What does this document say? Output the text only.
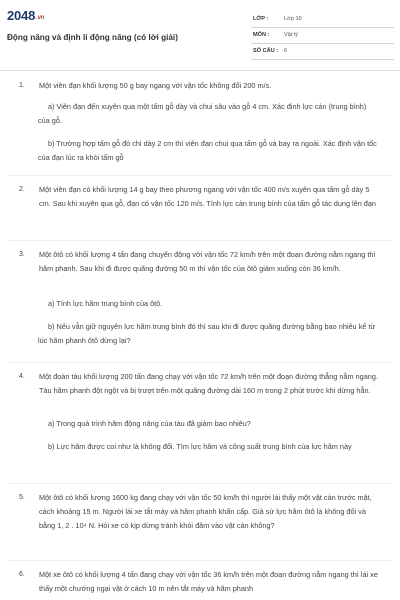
2048.vn
Động năng và định lí động năng (có lời giải)
LỚP :	Lớp 10
MÔN :	Vật lý
SỐ CÂU : 6
1. Một viên đạn khối lượng 50 g bay ngang với vận tốc không đổi 200 m/s.
a) Viên đạn đến xuyên qua một tấm gỗ dày và chui sâu vào gỗ 4 cm. Xác định lực cản (trung bình) của gỗ.
b) Trường hợp tấm gỗ đó chỉ dày 2 cm thì viên đạn chui qua tấm gỗ và bay ra ngoài. Xác định vận tốc của đạn lúc ra khỏi tấm gỗ
2. Một viên đạn có khối lượng 14 g bay theo phương ngang với vận tốc 400 m/s xuyên qua tấm gỗ dày 5 cm. Sau khi xuyên qua gỗ, đạn có vận tốc 120 m/s. Tính lực cản trung bình của tấm gỗ tác dụng lên đạn
3. Một ôtô có khối lượng 4 tấn đang chuyển động với vận tốc 72 km/h trên một đoạn đường nằm ngang thì hãm phanh. Sau khi đi được quãng đường 50 m thì vận tốc của ôtô giảm xuống còn 36 km/h.
a) Tính lực hãm trung bình của ôtô.
b) Nếu vẫn giữ nguyên lực hãm trung bình đó thì sau khi đi được quãng đường bằng bao nhiêu kể từ lúc hãm phanh ôtô dừng lại?
4. Một đoàn tàu khối lượng 200 tấn đang chạy với vận tốc 72 km/h trên một đoạn đường thẳng nằm ngang. Tàu hãm phanh đột ngột và bị trượt trên một quãng đường dài 160 m trong 2 phút trước khi dừng hẳn.
a) Trong quá trình hãm động năng của tàu đã giảm bao nhiêu?
b) Lực hãm được coi như là không đổi. Tìm lực hãm và công suất trung bình của lực hãm này
5. Một ôtô có khối lượng 1600 kg đang chạy với vận tốc 50 km/h thì người lái thấy một vật cản trước mặt, cách khoảng 15 m. Người lái xe tắt máy và hãm phanh khẩn cấp. Giả sử lực hãm ôtô là không đổi và bằng 1, 2 . 10⁴ N. Hỏi xe có kịp dừng tránh khỏi đâm vào vật cản không?
6. Một xe ôtô có khối lượng 4 tấn đang chạy với vận tốc 36 km/h trên một đoạn đường nằm ngang thì lái xe thấy một chướng ngại vật ở cách 10 m nên tắt máy và hãm phanh
